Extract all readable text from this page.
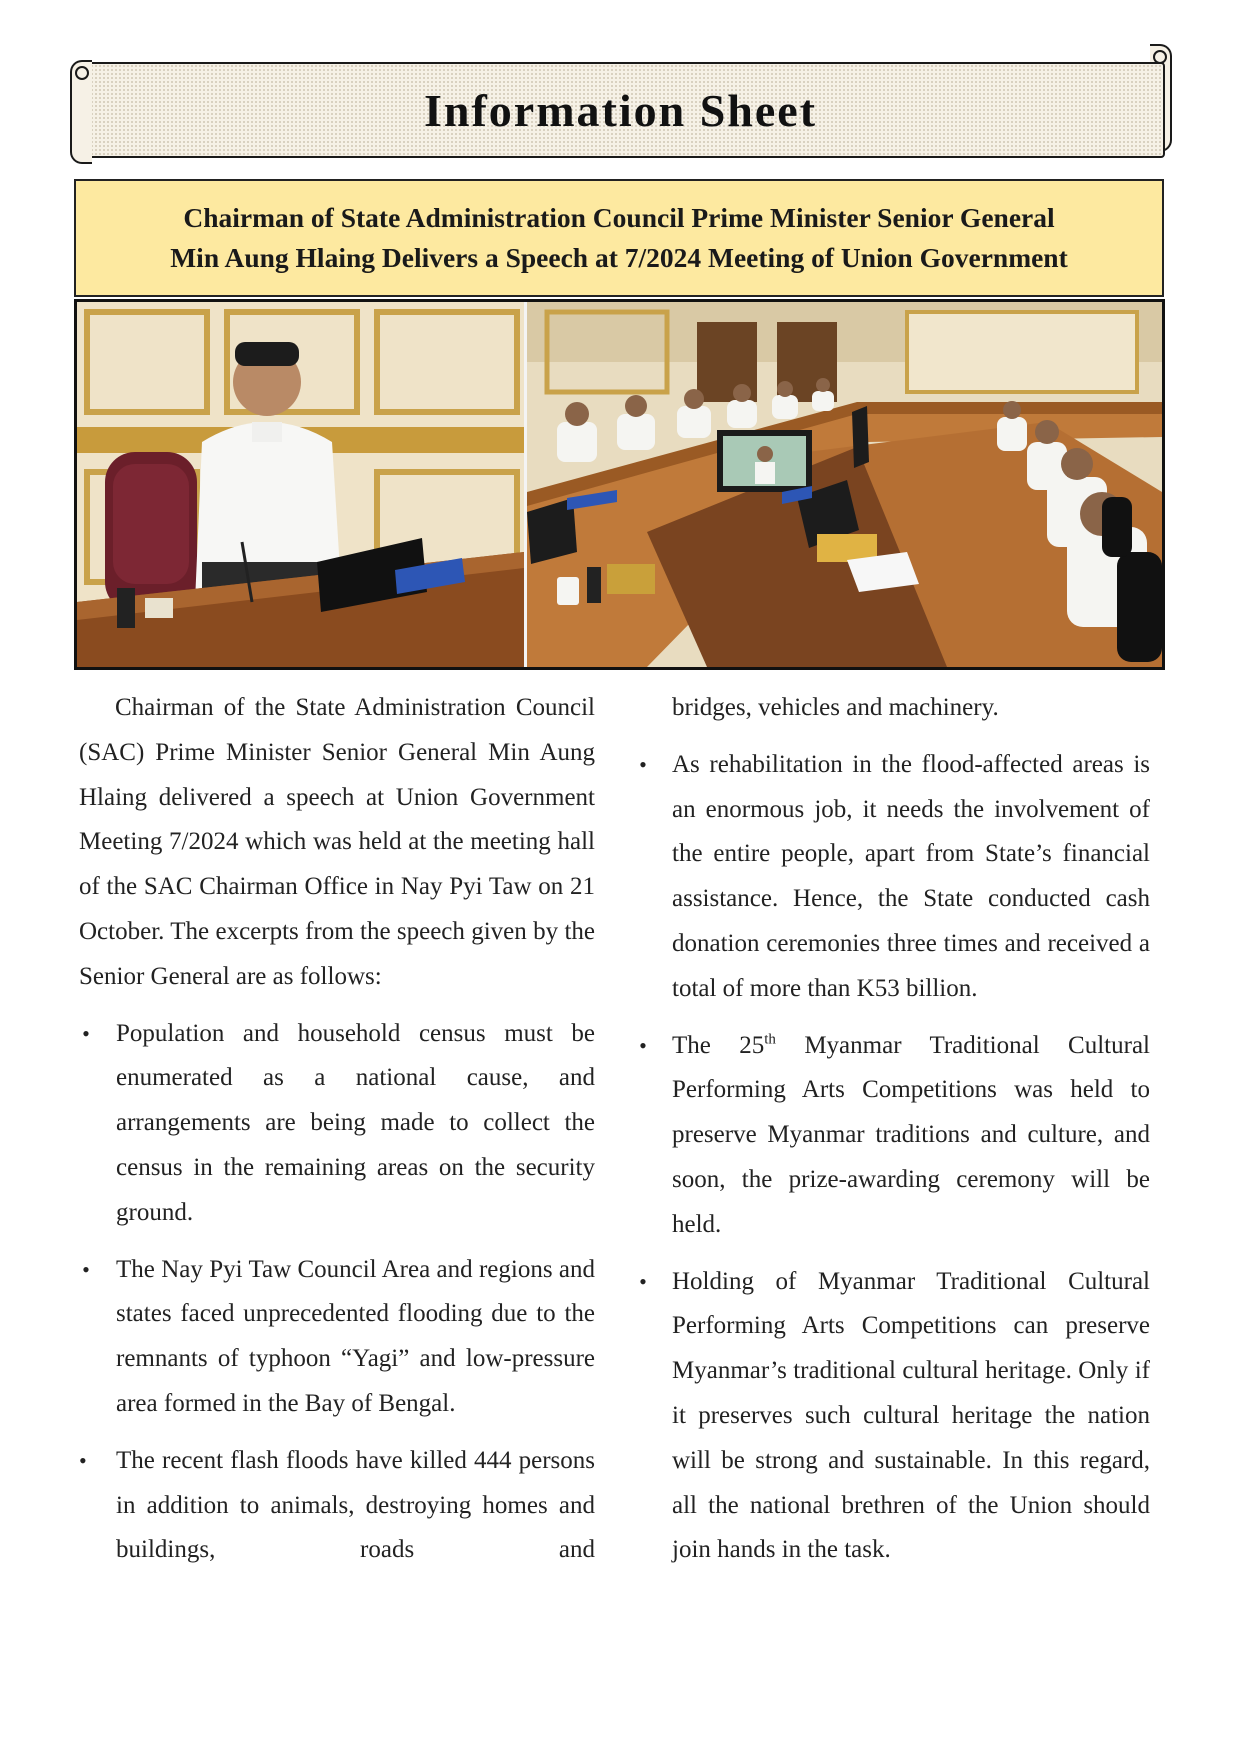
Information Sheet
Chairman of State Administration Council Prime Minister Senior General
Min Aung Hlaing Delivers a Speech at 7/2024 Meeting of Union Government

Chairman of the State Administration Council (SAC) Prime Minister Senior General Min Aung Hlaing delivered a speech at Union Government Meeting 7/2024 which was held at the meeting hall of the SAC Chairman Office in Nay Pyi Taw on 21 October. The excerpts from the speech given by the Senior General are as follows:

• Population and household census must be enumerated as a national cause, and arrangements are being made to collect the census in the remaining areas on the security ground.
• The Nay Pyi Taw Council Area and regions and states faced unprecedented flooding due to the remnants of typhoon “Yagi” and low-pressure area formed in the Bay of Bengal.
• The recent flash floods have killed 444 persons in addition to animals, destroying homes and buildings, roads and

bridges, vehicles and machinery.

• As rehabilitation in the flood-affected areas is an enormous job, it needs the involvement of the entire people, apart from State’s financial assistance. Hence, the State conducted cash donation ceremonies three times and received a total of more than K53 billion.
• The 25th Myanmar Traditional Cultural Performing Arts Competitions was held to preserve Myanmar traditions and culture, and soon, the prize-awarding ceremony will be held.
• Holding of Myanmar Traditional Cultural Performing Arts Competitions can preserve Myanmar’s traditional cultural heritage. Only if it preserves such cultural heritage the nation will be strong and sustainable. In this regard, all the national brethren of the Union should join hands in the task.
